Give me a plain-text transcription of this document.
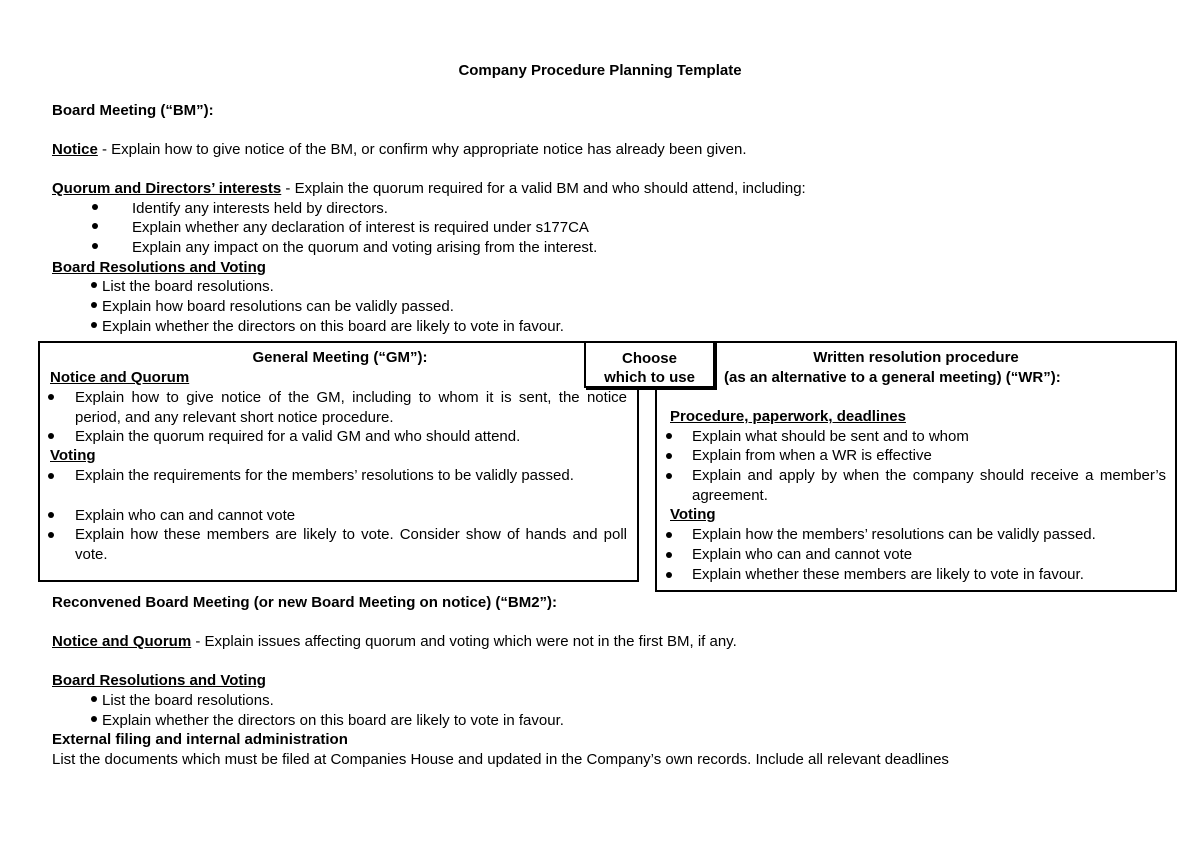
Company Procedure Planning Template
Board Meeting (“BM”):
Notice - Explain how to give notice of the BM, or confirm why appropriate notice has already been given.
Quorum and Directors’ interests - Explain the quorum required for a valid BM and who should attend, including:
Identify any interests held by directors.
Explain whether any declaration of interest is required under s177CA
Explain any impact on the quorum and voting arising from the interest.
Board Resolutions and Voting
List the board resolutions.
Explain how board resolutions can be validly passed.
Explain whether the directors on this board are likely to vote in favour.
General Meeting (“GM”):
Notice and Quorum
Explain how to give notice of the GM, including to whom it is sent, the notice period, and any relevant short notice procedure.
Explain the quorum required for a valid GM and who should attend.
Voting
Explain the requirements for the members’ resolutions to be validly passed.
Explain who can and cannot vote
Explain how these members are likely to vote. Consider show of hands and poll vote.
Written resolution procedure
(as an alternative to a general meeting) (“WR”):
Procedure, paperwork, deadlines
Explain what should be sent and to whom
Explain from when a WR is effective
Explain and apply by when the company should receive a member’s agreement.
Voting
Explain how the members’ resolutions can be validly passed.
Explain who can and cannot vote
Explain whether these members are likely to vote in favour.
Choose
which to use
Reconvened Board Meeting (or new Board Meeting on notice) (“BM2”):
Notice and Quorum - Explain issues affecting quorum and voting which were not in the first BM, if any.
Board Resolutions and Voting
List the board resolutions.
Explain whether the directors on this board are likely to vote in favour.
External filing and internal administration
List the documents which must be filed at Companies House and updated in the Company’s own records. Include all relevant deadlines
